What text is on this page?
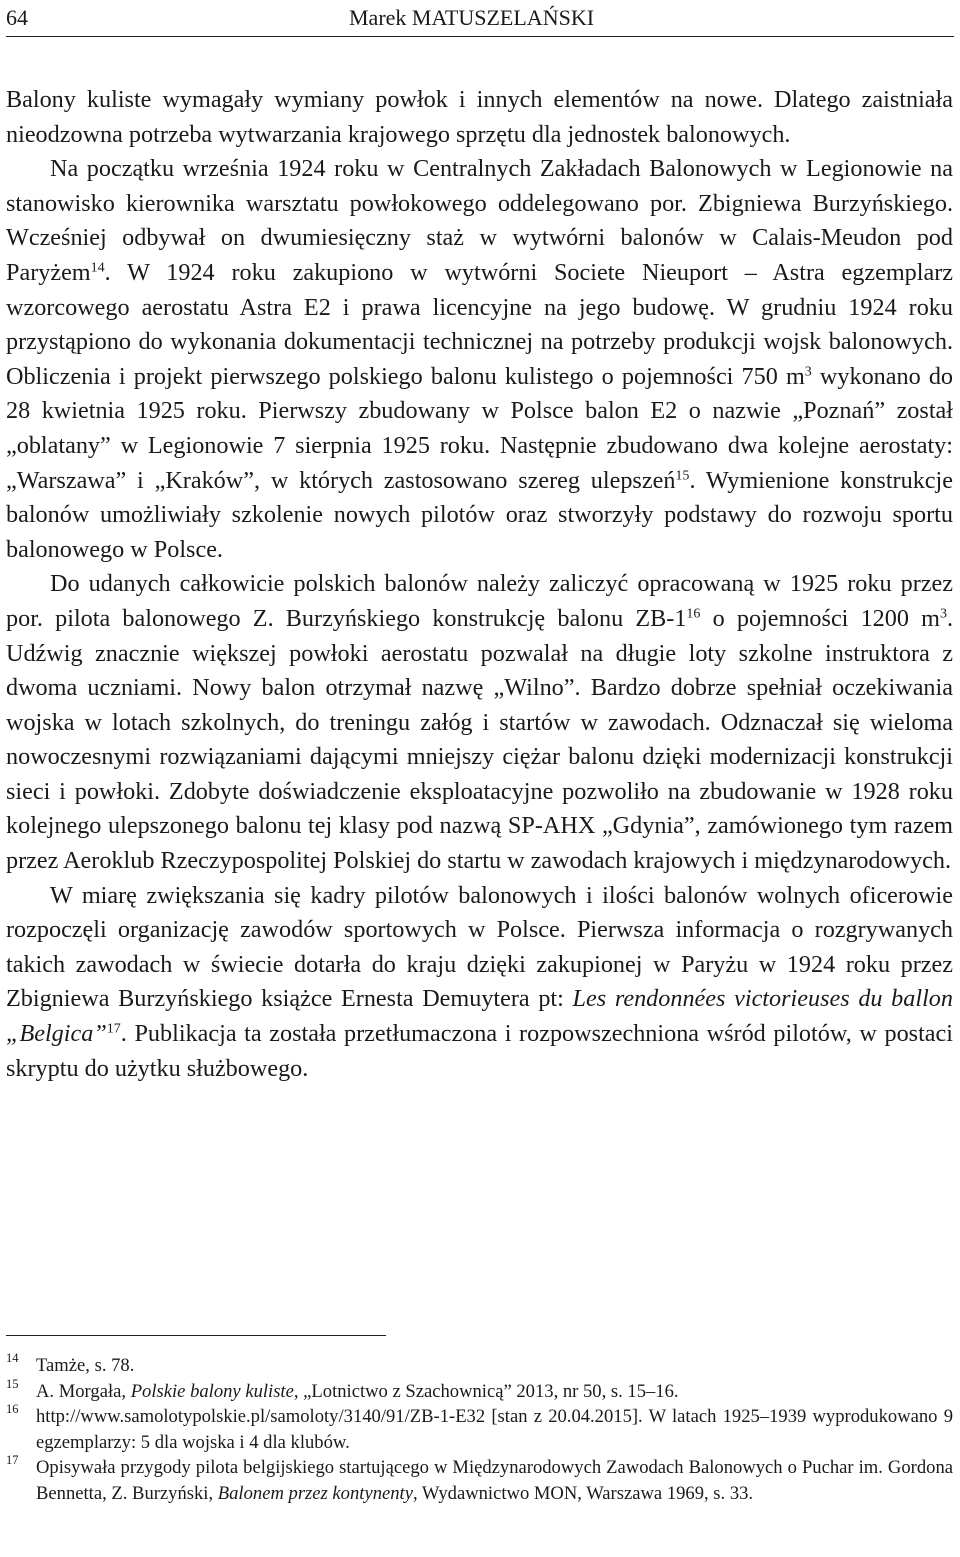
64	Marek MATUSZELAŃSKI

Balony kuliste wymagały wymiany powłok i innych elementów na nowe. Dlatego zaistniała nieodzowna potrzeba wytwarzania krajowego sprzętu dla jednostek balonowych.

Na początku września 1924 roku w Centralnych Zakładach Balonowych w Legionowie na stanowisko kierownika warsztatu powłokowego oddelegowano por. Zbigniewa Burzyńskiego. Wcześniej odbywał on dwumiesięczny staż w wytwórni balonów w Calais-Meudon pod Paryżem$^{14}$. W 1924 roku zakupiono w wytwórni Societe Nieuport – Astra egzemplarz wzorcowego aerostatu Astra E2 i prawa licencyjne na jego budowę. W grudniu 1924 roku przystąpiono do wykonania dokumentacji technicznej na potrzeby produkcji wojsk balonowych. Obliczenia i projekt pierwszego polskiego balonu kulistego o pojemności 750 $m^3$ wykonano do 28 kwietnia 1925 roku. Pierwszy zbudowany w Polsce balon E2 o nazwie „Poznań” został „oblatany” w Legionowie 7 sierpnia 1925 roku. Następnie zbudowano dwa kolejne aerostaty: „Warszawa” i „Kraków”, w których zastosowano szereg ulepszeń$^{15}$. Wymienione konstrukcje balonów umożliwiały szkolenie nowych pilotów oraz stworzyły podstawy do rozwoju sportu balonowego w Polsce.

Do udanych całkowicie polskich balonów należy zaliczyć opracowaną w 1925 roku przez por. pilota balonowego Z. Burzyńskiego konstrukcję balonu $ZB-1^{16}$ o pojemności 1200 $m^3$. Udźwig znacznie większej powłoki aerostatu pozwalał na długie loty szkolne instruktora z dwoma uczniami. Nowy balon otrzymał nazwę „Wilno”. Bardzo dobrze spełniał oczekiwania wojska w lotach szkolnych, do treningu załóg i startów w zawodach. Odznaczał się wieloma nowoczesnymi rozwiązaniami dającymi mniejszy ciężar balonu dzięki modernizacji konstrukcji sieci i powłoki. Zdobyte doświadczenie eksploatacyjne pozwoliło na zbudowanie w 1928 roku kolejnego ulepszonego balonu tej klasy pod nazwą SP-AHX „Gdynia”, zamówionego tym razem przez Aeroklub Rzeczypospolitej Polskiej do startu w zawodach krajowych i międzynarodowych.

W miarę zwiększania się kadry pilotów balonowych i ilości balonów wolnych oficerowie rozpoczęli organizację zawodów sportowych w Polsce. Pierwsza informacja o rozgrywanych takich zawodach w świecie dotarła do kraju dzięki zakupionej w Paryżu w 1924 roku przez Zbigniewa Burzyńskiego książce Ernesta Demuytera pt: Les rendonnées victorieuses du ballon „Belgica”$^{17}$. Publikacja ta została przetłumaczona i rozpowszechniona wśród pilotów, w postaci skryptu do użytku służbowego.

14 Tamże, s. 78.
15 A. Morgała, Polskie balony kuliste, „Lotnictwo z Szachownicą” 2013, nr 50, s. 15–16.
16 http://www.samolotypolskie.pl/samoloty/3140/91/ZB-1-E32 [stan z 20.04.2015]. W latach 1925–1939 wyprodukowano 9 egzemplarzy: 5 dla wojska i 4 dla klubów.
17 Opisywała przygody pilota belgijskiego startującego w Międzynarodowych Zawodach Balonowych o Puchar im. Gordona Bennetta, Z. Burzyński, Balonem przez kontynenty, Wydawnictwo MON, Warszawa 1969, s. 33.
